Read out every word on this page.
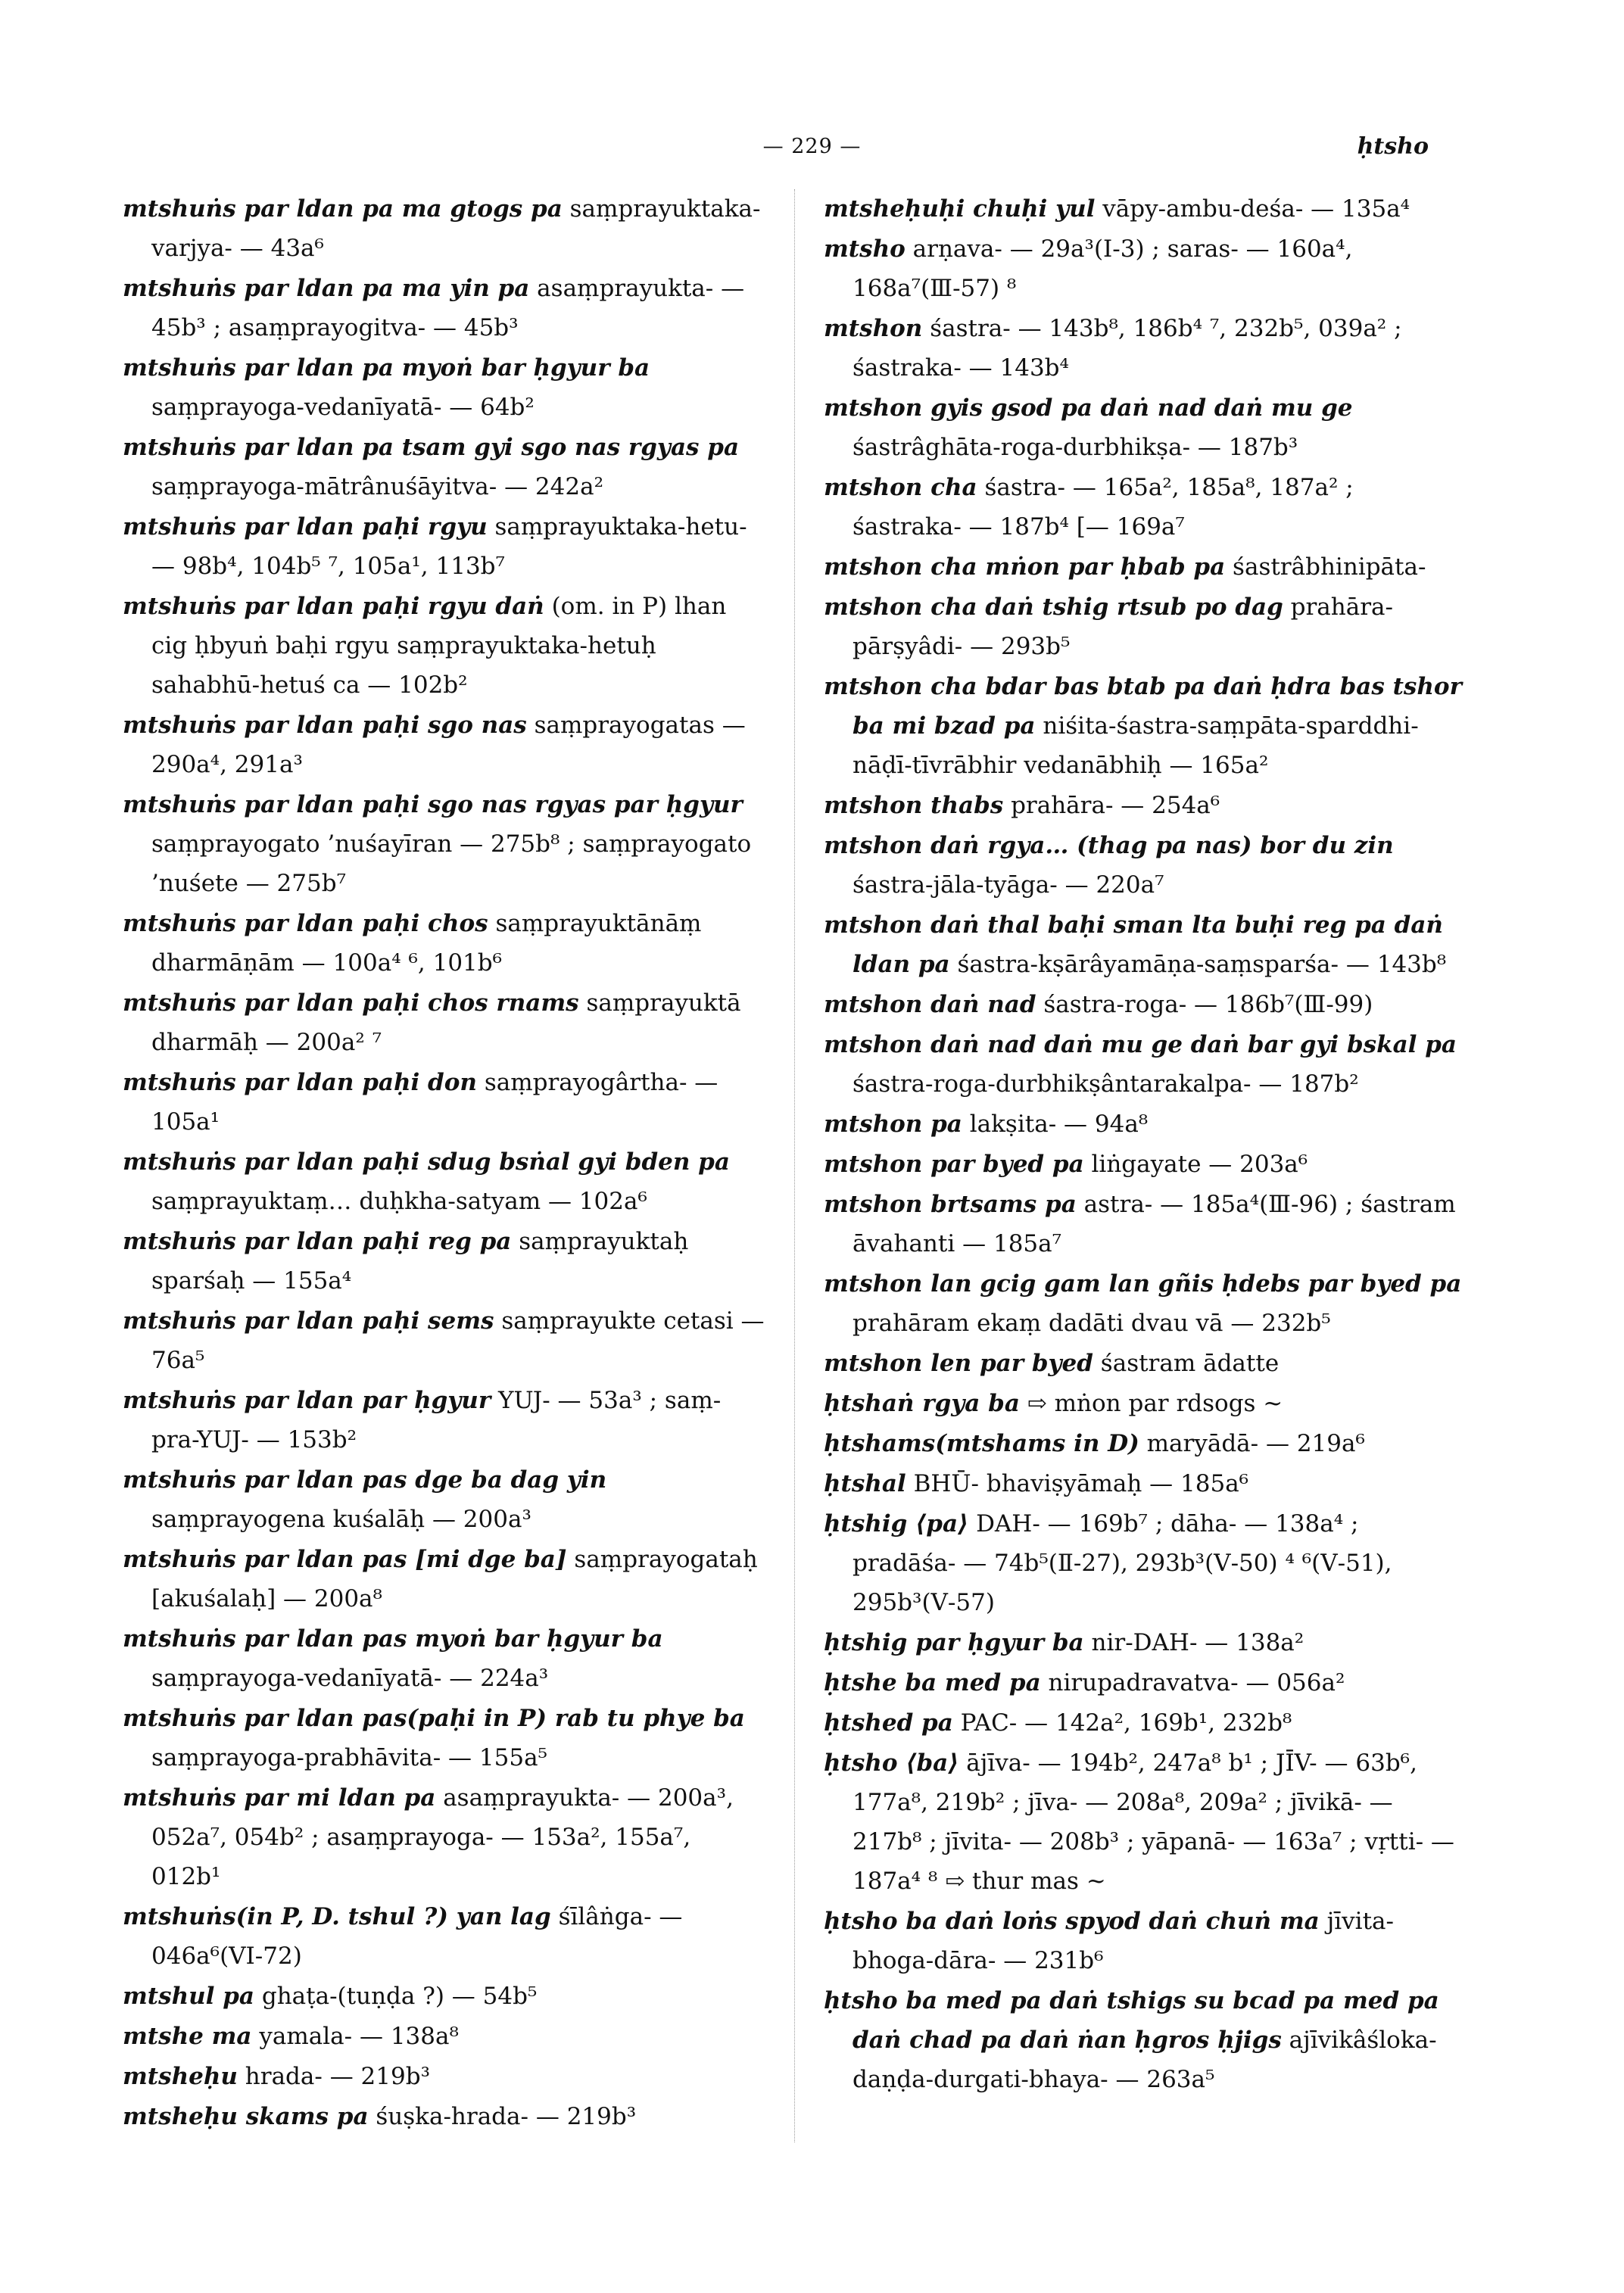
— 229 —	ḥtsho

mtshuṅs par ldan pa ma gtogs pa saṃprayuktaka-varjya- — 43a⁶

mtshuṅs par ldan pa ma yin pa asaṃprayukta- — 45b³ ; asaṃprayogitva- — 45b³

mtshuṅs par ldan pa myoṅ bar ḥgyur ba saṃprayoga-vedanīyatā- — 64b²

mtshuṅs par ldan pa tsam gyi sgo nas rgyas pa saṃprayoga-mātrânuśāyitva- — 242a²

mtshuṅs par ldan paḥi rgyu saṃprayuktaka-hetu- — 98b⁴, 104b⁵ ⁷, 105a¹, 113b⁷

mtshuṅs par ldan paḥi rgyu daṅ (om. in P) lhan cig ḥbyuṅ baḥi rgyu saṃprayuktaka-hetuḥ sahabhū-hetuś ca — 102b²

mtshuṅs par ldan paḥi sgo nas saṃprayogatas — 290a⁴, 291a³

mtshuṅs par ldan paḥi sgo nas rgyas par ḥgyur saṃprayogato ’nuśayīran — 275b⁸ ; saṃprayogato ’nuśete — 275b⁷

mtshuṅs par ldan paḥi chos saṃprayuktānāṃ dharmāṇām — 100a⁴ ⁶, 101b⁶

mtshuṅs par ldan paḥi chos rnams saṃprayuktā dharmāḥ — 200a² ⁷

mtshuṅs par ldan paḥi don saṃprayogârtha- — 105a¹

mtshuṅs par ldan paḥi sdug bsṅal gyi bden pa saṃprayuktaṃ… duḥkha-satyam — 102a⁶

mtshuṅs par ldan paḥi reg pa saṃprayuktaḥ sparśaḥ — 155a⁴

mtshuṅs par ldan paḥi sems saṃprayukte cetasi — 76a⁵

mtshuṅs par ldan par ḥgyur YUJ- — 53a³ ; saṃ-pra-YUJ- — 153b²

mtshuṅs par ldan pas dge ba dag yin saṃprayogena kuśalāḥ — 200a³

mtshuṅs par ldan pas [mi dge ba] saṃprayogataḥ [akuśalaḥ] — 200a⁸

mtshuṅs par ldan pas myoṅ bar ḥgyur ba saṃprayoga-vedanīyatā- — 224a³

mtshuṅs par ldan pas(paḥi in P) rab tu phye ba saṃprayoga-prabhāvita- — 155a⁵

mtshuṅs par mi ldan pa asaṃprayukta- — 200a³, 052a⁷, 054b² ; asaṃprayoga- — 153a², 155a⁷, 012b¹

mtshuṅs(in P, D. tshul ?) yan lag śīlâṅga- — 046a⁶(VI-72)

mtshul pa ghaṭa-(tuṇḍa ?) — 54b⁵

mtshe ma yamala- — 138a⁸

mtsheḥu hrada- — 219b³

mtsheḥu skams pa śuṣka-hrada- — 219b³

mtsheḥuḥi chuḥi yul vāpy-ambu-deśa- — 135a⁴

mtsho arṇava- — 29a³(Ⅰ-3) ; saras- — 160a⁴, 168a⁷(Ⅲ-57) ⁸

mtshon śastra- — 143b⁸, 186b⁴ ⁷, 232b⁵, 039a² ; śastraka- — 143b⁴

mtshon gyis gsod pa daṅ nad daṅ mu ge śastrâghāta-roga-durbhikṣa- — 187b³

mtshon cha śastra- — 165a², 185a⁸, 187a² ; śastraka- — 187b⁴ [— 169a⁷

mtshon cha mṅon par ḥbab pa śastrâbhinipāta-

mtshon cha daṅ tshig rtsub po dag prahāra-pārṣyâdi- — 293b⁵

mtshon cha bdar bas btab pa daṅ ḥdra bas tshor ba mi bzad pa niśita-śastra-saṃpāta-sparddhi-nāḍī-tīvrābhir vedanābhiḥ — 165a²

mtshon thabs prahāra- — 254a⁶

mtshon daṅ rgya… (thag pa nas) bor du zin śastra-jāla-tyāga- — 220a⁷

mtshon daṅ thal baḥi sman lta buḥi reg pa daṅ ldan pa śastra-kṣārâyamāṇa-saṃsparśa- — 143b⁸

mtshon daṅ nad śastra-roga- — 186b⁷(Ⅲ-99)

mtshon daṅ nad daṅ mu ge daṅ bar gyi bskal pa śastra-roga-durbhikṣântarakalpa- — 187b²

mtshon pa lakṣita- — 94a⁸

mtshon par byed pa liṅgayate — 203a⁶

mtshon brtsams pa astra- — 185a⁴(Ⅲ-96) ; śastram āvahanti — 185a⁷

mtshon lan gcig gam lan gñis ḥdebs par byed pa prahāram ekaṃ dadāti dvau vā — 232b⁵

mtshon len par byed śastram ādatte

ḥtshaṅ rgya ba ⇨ mṅon par rdsogs ~

ḥtshams(mtshams in D) maryādā- — 219a⁶

ḥtshal BHŪ- bhaviṣyāmaḥ — 185a⁶

ḥtshig ⟨pa⟩ DAH- — 169b⁷ ; dāha- — 138a⁴ ; pradāśa- — 74b⁵(Ⅱ-27), 293b³(Ⅴ-50) ⁴ ⁶(Ⅴ-51), 295b³(Ⅴ-57)

ḥtshig par ḥgyur ba nir-DAH- — 138a²

ḥtshe ba med pa nirupadravatva- — 056a²

ḥtshed pa PAC- — 142a², 169b¹, 232b⁸

ḥtsho ⟨ba⟩ ājīva- — 194b², 247a⁸ b¹ ; JĪV- — 63b⁶, 177a⁸, 219b² ; jīva- — 208a⁸, 209a² ; jīvikā- — 217b⁸ ; jīvita- — 208b³ ; yāpanā- — 163a⁷ ; vṛtti- — 187a⁴ ⁸ ⇨ thur mas ~

ḥtsho ba daṅ loṅs spyod daṅ chuṅ ma jīvita-bhoga-dāra- — 231b⁶

ḥtsho ba med pa daṅ tshigs su bcad pa med pa daṅ chad pa daṅ ṅan ḥgros ḥjigs ajīvikâśloka-daṇḍa-durgati-bhaya- — 263a⁵
